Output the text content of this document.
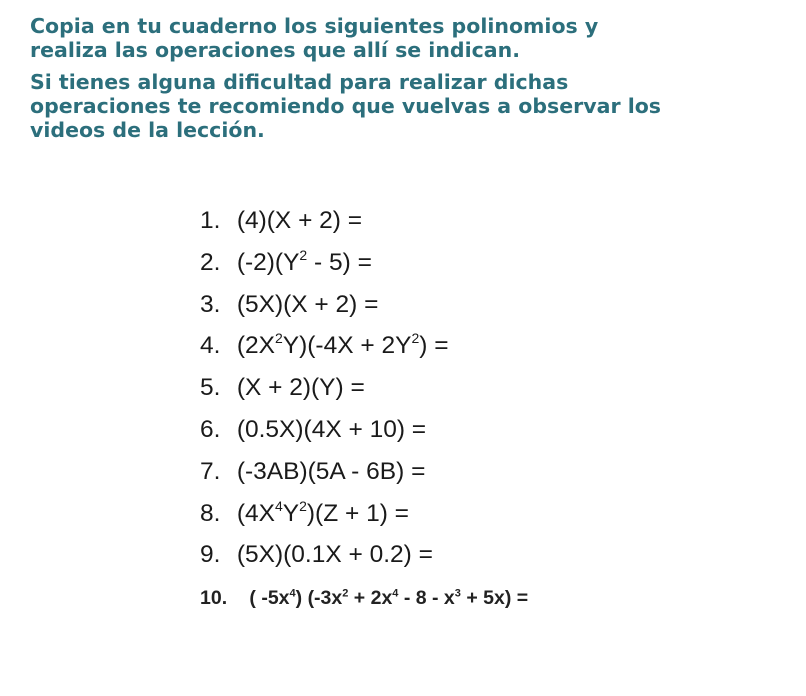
Copia en tu cuaderno los siguientes polinomios y
realiza las operaciones que allí se indican.

Si tienes alguna dificultad para realizar dichas
operaciones te recomiendo que vuelvas a observar los
videos de la lección.

1. (4)(X + 2) =
2. $(-2)(Y^2 - 5)$ =
3. (5X)(X + 2) =
4. $(2X^2Y)(-4X + 2Y^2)$ =
5. (X + 2)(Y) =
6. (0.5X)(4X + 10) =
7. (-3AB)(5A - 6B) =
8. $(4X^4Y^2)(Z + 1)$ =
9. (5X)(0.1X + 0.2) =
10. ( $-5x^4$) $(-3x^2 + 2x^4 - 8 - x^3 + 5x)$ =
